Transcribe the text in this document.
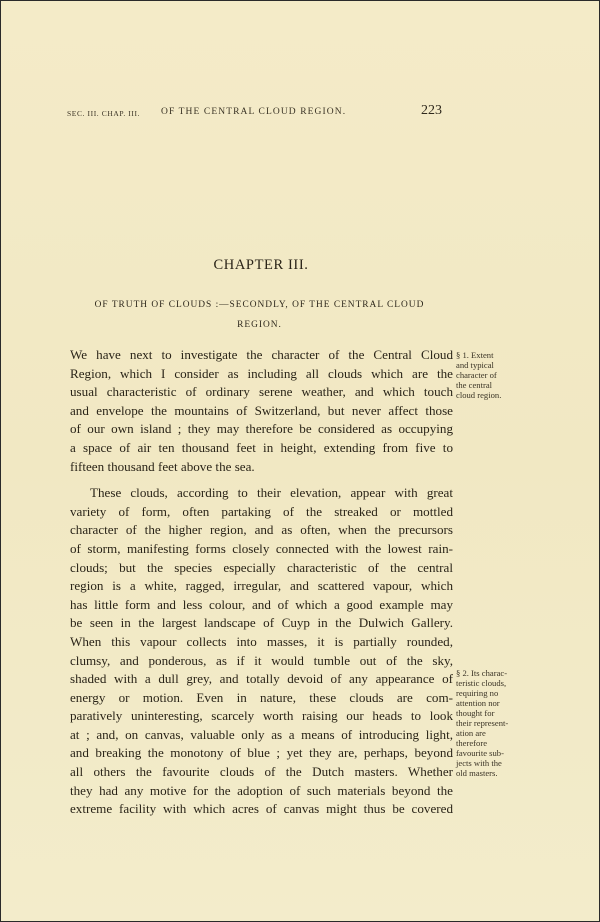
SEC. III. CHAP. III. OF THE CENTRAL CLOUD REGION.	223
CHAPTER III.
OF TRUTH OF CLOUDS :—SECONDLY, OF THE CENTRAL CLOUD
REGION.
We have next to investigate the character of the Central Cloud
Region, which I consider as including all clouds which are the
usual characteristic of ordinary serene weather, and which touch
and envelope the mountains of Switzerland, but never affect those
of our own island ; they may therefore be considered as occupying
a space of air ten thousand feet in height, extending from five to
fifteen thousand feet above the sea.
These clouds, according to their elevation, appear with great
variety of form, often partaking of the streaked or mottled
character of the higher region, and as often, when the precursors
of storm, manifesting forms closely connected with the lowest rain-
clouds; but the species especially characteristic of the central
region is a white, ragged, irregular, and scattered vapour, which
has little form and less colour, and of which a good example may
be seen in the largest landscape of Cuyp in the Dulwich Gallery.
When this vapour collects into masses, it is partially rounded,
clumsy, and ponderous, as if it would tumble out of the sky,
shaded with a dull grey, and totally devoid of any appearance of
energy or motion. Even in nature, these clouds are com-
paratively uninteresting, scarcely worth raising our heads to look
at ; and, on canvas, valuable only as a means of introducing light,
and breaking the monotony of blue ; yet they are, perhaps, beyond
all others the favourite clouds of the Dutch masters. Whether
they had any motive for the adoption of such materials beyond the
extreme facility with which acres of canvas might thus be covered
§ 1. Extent
and typical
character of
the central
cloud region.
§ 2. Its charac-
teristic clouds,
requiring no
attention nor
thought for
their represent-
ation are
therefore
favourite sub-
jects with the
old masters.
